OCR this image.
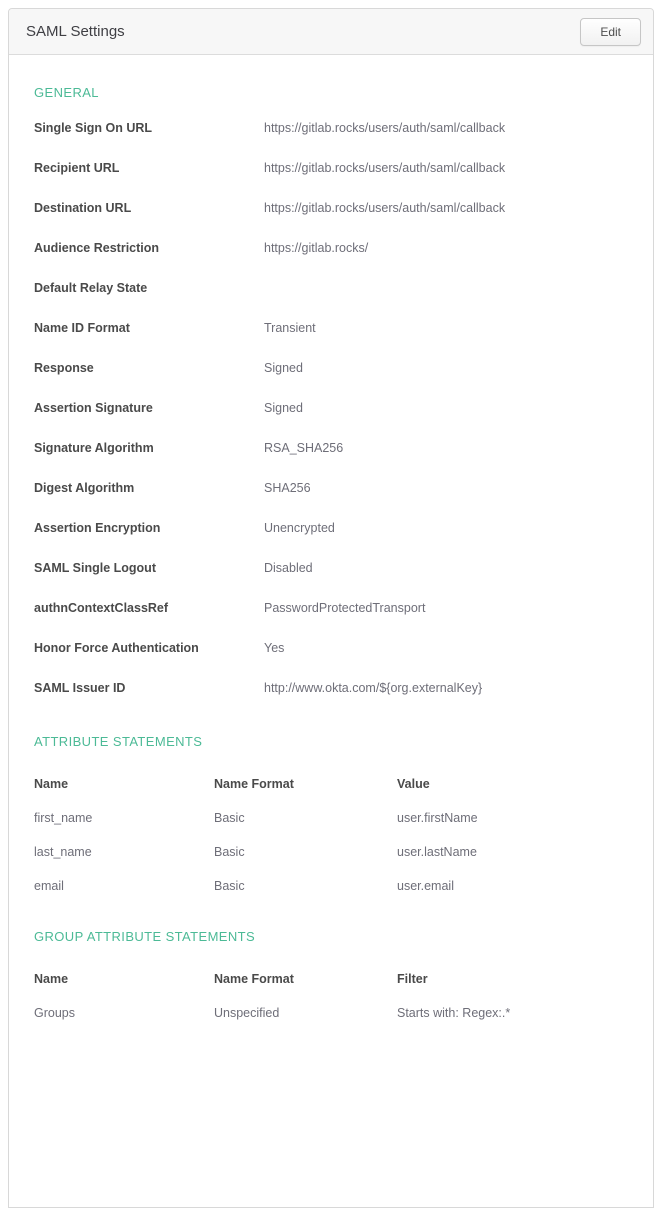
SAML Settings	Edit
GENERAL
Single Sign On URL	https://gitlab.rocks/users/auth/saml/callback
Recipient URL	https://gitlab.rocks/users/auth/saml/callback
Destination URL	https://gitlab.rocks/users/auth/saml/callback
Audience Restriction	https://gitlab.rocks/
Default Relay State
Name ID Format	Transient
Response	Signed
Assertion Signature	Signed
Signature Algorithm	RSA_SHA256
Digest Algorithm	SHA256
Assertion Encryption	Unencrypted
SAML Single Logout	Disabled
authnContextClassRef	PasswordProtectedTransport
Honor Force Authentication	Yes
SAML Issuer ID	http://www.okta.com/${org.externalKey}
ATTRIBUTE STATEMENTS
Name	Name Format	Value
first_name	Basic	user.firstName
last_name	Basic	user.lastName
email	Basic	user.email
GROUP ATTRIBUTE STATEMENTS
Name	Name Format	Filter
Groups	Unspecified	Starts with: Regex:.*
